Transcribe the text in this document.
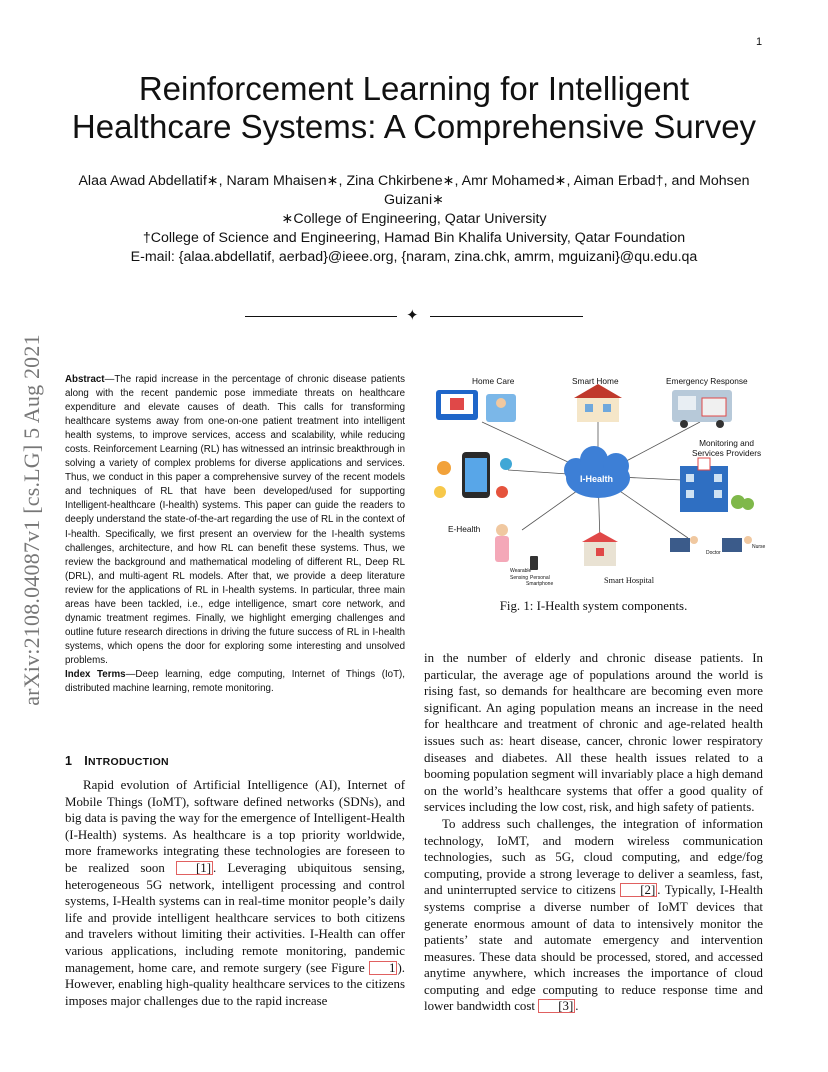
1
arXiv:2108.04087v1 [cs.LG] 5 Aug 2021
Reinforcement Learning for Intelligent
Healthcare Systems: A Comprehensive Survey
Alaa Awad Abdellatif∗, Naram Mhaisen∗, Zina Chkirbene∗, Amr Mohamed∗, Aiman Erbad†, and Mohsen
Guizani∗
∗College of Engineering, Qatar University
†College of Science and Engineering, Hamad Bin Khalifa University, Qatar Foundation
E-mail: {alaa.abdellatif, aerbad}@ieee.org, {naram, zina.chk, amrm, mguizani}@qu.edu.qa
✦
Abstract—The rapid increase in the percentage of chronic disease patients along with the recent pandemic pose immediate threats on healthcare expenditure and elevate causes of death. This calls for transforming healthcare systems away from one-on-one patient treatment into intelligent health systems, to improve services, access and scalability, while reducing costs. Reinforcement Learning (RL) has witnessed an intrinsic breakthrough in solving a variety of complex problems for diverse applications and services. Thus, we conduct in this paper a comprehensive survey of the recent models and techniques of RL that have been developed/used for supporting Intelligent-healthcare (I-health) systems. This paper can guide the readers to deeply understand the state-of-the-art regarding the use of RL in the context of I-health. Specifically, we first present an overview for the I-health systems challenges, architecture, and how RL can benefit these systems. Thus, we review the background and mathematical modeling of different RL, Deep RL (DRL), and multi-agent RL models. After that, we provide a deep literature review for the applications of RL in I-health systems. In particular, three main areas have been tackled, i.e., edge intelligence, smart core network, and dynamic treatment regimes. Finally, we highlight emerging challenges and outline future research directions in driving the future success of RL in I-health systems, which opens the door for exploring some interesting and unsolved problems.
Index Terms—Deep learning, edge computing, Internet of Things (IoT), distributed machine learning, remote monitoring.
1 INTRODUCTION

Rapid evolution of Artificial Intelligence (AI), Internet of Mobile Things (IoMT), software defined networks (SDNs), and big data is paving the way for the emergence of Intelligent-Health (I-Health) systems. As healthcare is a top priority worldwide, more frameworks integrating these technologies are foreseen to be realized soon [1] . Leveraging ubiquitous sensing, heterogeneous 5G network, intelligent processing and control systems, I-Health systems can in real-time monitor people’s daily life and provide intelligent healthcare services to both citizens and travelers without limiting their activities. I-Health can offer various applications, including remote monitoring, pandemic management, home care, and remote surgery (see Figure 1 ). However, enabling high-quality healthcare services to the citizens imposes major challenges due to the rapid increase

in the number of elderly and chronic disease patients. In particular, the average age of populations around the world is rising fast, so demands for healthcare are becoming even more significant. An aging population means an increase in the need for healthcare and treatment of chronic and age-related health issues such as: heart disease, cancer, chronic lower respiratory diseases and diabetes. All these health issues related to a booming population segment will invariably place a high demand on the world’s healthcare systems that offer a good quality of services including the low cost, risk, and high safety of patients.

To address such challenges, the integration of information technology, IoMT, and modern wireless communication technologies, such as 5G, cloud computing, and edge/fog computing, provide a strong leverage to deliver a seamless, fast, and uninterrupted service to citizens [2] . Typically, I-Health systems comprise a diverse number of IoMT devices that generate enormous amount of data to intensively monitor the patients’ state and automate emergency and intervention measures. These data should be processed, stored, and accessed anytime anywhere, which increases the importance of cloud computing and edge computing to reduce response time and lower bandwidth cost [3] .

Home Care	Smart Home	Emergency Response
Monitoring and
Services Providers
I-Health
E-Health
Smart Hospital
Doctor
Nurse
Wearable
Sensing Personal
Smartphone
Fig. 1: I-Health system components.
